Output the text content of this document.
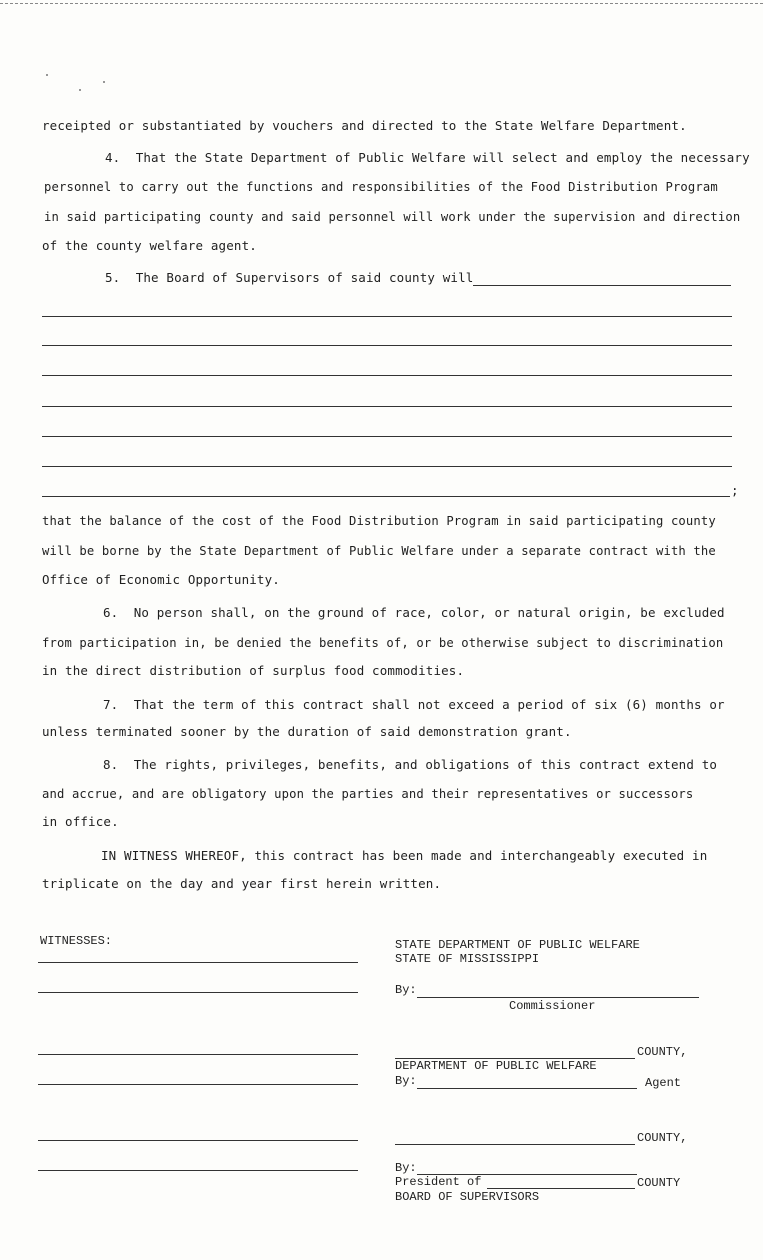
receipted or substantiated by vouchers and directed to the State Welfare Department.
4.  That the State Department of Public Welfare will select and employ the necessary
personnel to carry out the functions and responsibilities of the Food Distribution Program
in said participating county and said personnel will work under the supervision and direction
of the county welfare agent.
5.  The Board of Supervisors of said county will
;
that the balance of the cost of the Food Distribution Program in said participating county
will be borne by the State Department of Public Welfare under a separate contract with the
Office of Economic Opportunity.
6.  No person shall, on the ground of race, color, or natural origin, be excluded
from participation in, be denied the benefits of, or be otherwise subject to discrimination
in the direct distribution of surplus food commodities.
7.  That the term of this contract shall not exceed a period of six (6) months or
unless terminated sooner by the duration of said demonstration grant.
8.  The rights, privileges, benefits, and obligations of this contract extend to
and accrue, and are obligatory upon the parties and their representatives or successors
in office.
IN WITNESS WHEREOF, this contract has been made and interchangeably executed in
triplicate on the day and year first herein written.
WITNESSES:	STATE DEPARTMENT OF PUBLIC WELFARE
STATE OF MISSISSIPPI
By:
Commissioner
COUNTY,
DEPARTMENT OF PUBLIC WELFARE
By:	Agent
COUNTY,
By:
President of	COUNTY
BOARD OF SUPERVISORS
